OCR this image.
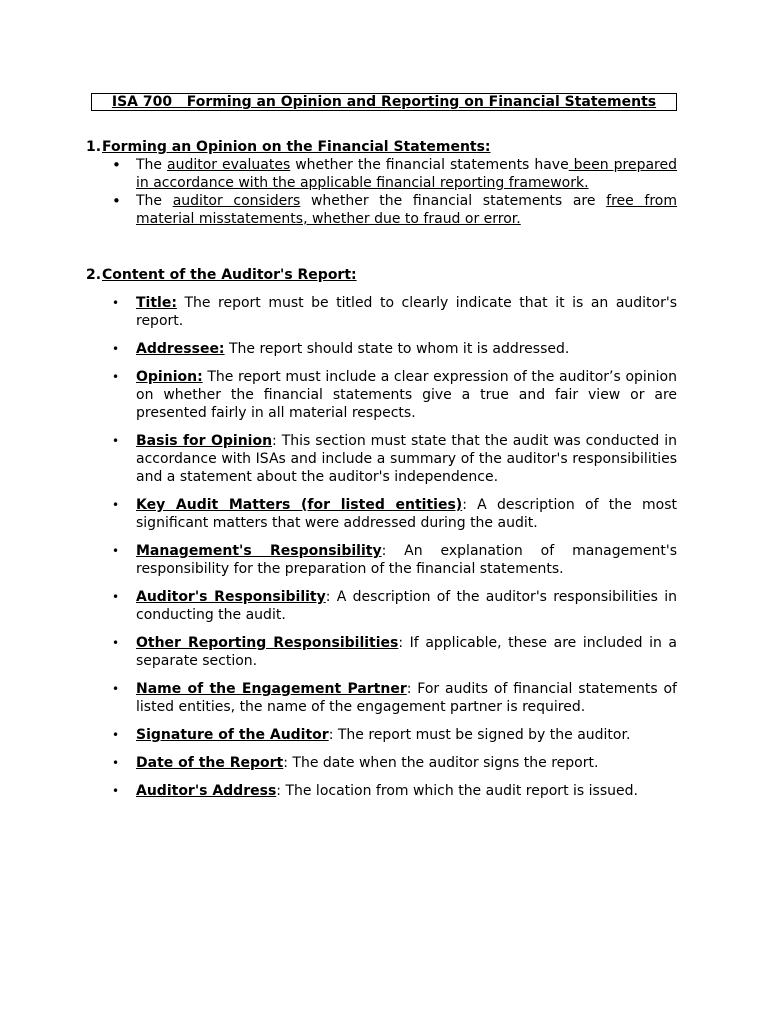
ISA 700   Forming an Opinion and Reporting on Financial Statements
1.Forming an Opinion on the Financial Statements:
• The auditor evaluates whether the financial statements have been prepared in accordance with the applicable financial reporting framework.
• The auditor considers whether the financial statements are free from material misstatements, whether due to fraud or error.
2.Content of the Auditor's Report:
• Title: The report must be titled to clearly indicate that it is an auditor's report.
• Addressee: The report should state to whom it is addressed.
• Opinion: The report must include a clear expression of the auditor’s opinion on whether the financial statements give a true and fair view or are presented fairly in all material respects.
• Basis for Opinion: This section must state that the audit was conducted in accordance with ISAs and include a summary of the auditor's responsibilities and a statement about the auditor's independence.
• Key Audit Matters (for listed entities): A description of the most significant matters that were addressed during the audit.
• Management's Responsibility: An explanation of management's responsibility for the preparation of the financial statements.
• Auditor's Responsibility: A description of the auditor's responsibilities in conducting the audit.
• Other Reporting Responsibilities: If applicable, these are included in a separate section.
• Name of the Engagement Partner: For audits of financial statements of listed entities, the name of the engagement partner is required.
• Signature of the Auditor: The report must be signed by the auditor.
• Date of the Report: The date when the auditor signs the report.
• Auditor's Address: The location from which the audit report is issued.
